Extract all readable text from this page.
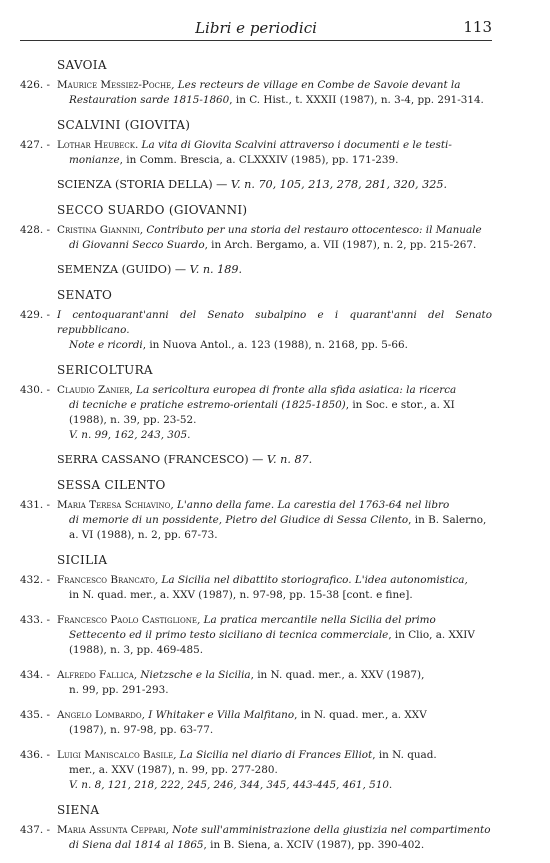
Libri e periodici	113
SAVOIA
426. - Maurice Messiez-Poche, Les recteurs de village en Combe de Savoie devant la
Restauration sarde 1815-1860, in C. Hist., t. XXXII (1987), n. 3-4, pp. 291-314.
SCALVINI (GIOVITA)
427. - Lothar Heubeck. La vita di Giovita Scalvini attraverso i documenti e le testi-
monianze, in Comm. Brescia, a. CLXXXIV (1985), pp. 171-239.
SCIENZA (STORIA DELLA) — V. n. 70, 105, 213, 278, 281, 320, 325.
SECCO SUARDO (GIOVANNI)
428. - Cristina Giannini, Contributo per una storia del restauro ottocentesco: il Manuale
di Giovanni Secco Suardo, in Arch. Bergamo, a. VII (1987), n. 2, pp. 215-267.
SEMENZA (GUIDO) — V. n. 189.
SENATO
429. - I centoquarant'anni del Senato subalpino e i quarant'anni del Senato repubblicano.
Note e ricordi, in Nuova Antol., a. 123 (1988), n. 2168, pp. 5-66.
SERICOLTURA
430. - Claudio Zanier, La sericoltura europea di fronte alla sfida asiatica: la ricerca
di tecniche e pratiche estremo-orientali (1825-1850), in Soc. e stor., a. XI
(1988), n. 39, pp. 23-52.
V. n. 99, 162, 243, 305.
SERRA CASSANO (FRANCESCO) — V. n. 87.
SESSA CILENTO
431. - Maria Teresa Schiavino, L'anno della fame. La carestia del 1763-64 nel libro
di memorie di un possidente, Pietro del Giudice di Sessa Cilento, in B. Salerno,
a. VI (1988), n. 2, pp. 67-73.
SICILIA
432. - Francesco Brancato, La Sicilia nel dibattito storiografico. L'idea autonomistica,
in N. quad. mer., a. XXV (1987), n. 97-98, pp. 15-38 [cont. e fine].
433. - Francesco Paolo Castiglione, La pratica mercantile nella Sicilia del primo
Settecento ed il primo testo siciliano di tecnica commerciale, in Clio, a. XXIV
(1988), n. 3, pp. 469-485.
434. - Alfredo Fallica, Nietzsche e la Sicilia, in N. quad. mer., a. XXV (1987),
n. 99, pp. 291-293.
435. - Angelo Lombardo, I Whitaker e Villa Malfitano, in N. quad. mer., a. XXV
(1987), n. 97-98, pp. 63-77.
436. - Luigi Maniscalco Basile, La Sicilia nel diario di Frances Elliot, in N. quad.
mer., a. XXV (1987), n. 99, pp. 277-280.
V. n. 8, 121, 218, 222, 245, 246, 344, 345, 443-445, 461, 510.
SIENA
437. - Maria Assunta Ceppari, Note sull'amministrazione della giustizia nel compartimento
di Siena dal 1814 al 1865, in B. Siena, a. XCIV (1987), pp. 390-402.
